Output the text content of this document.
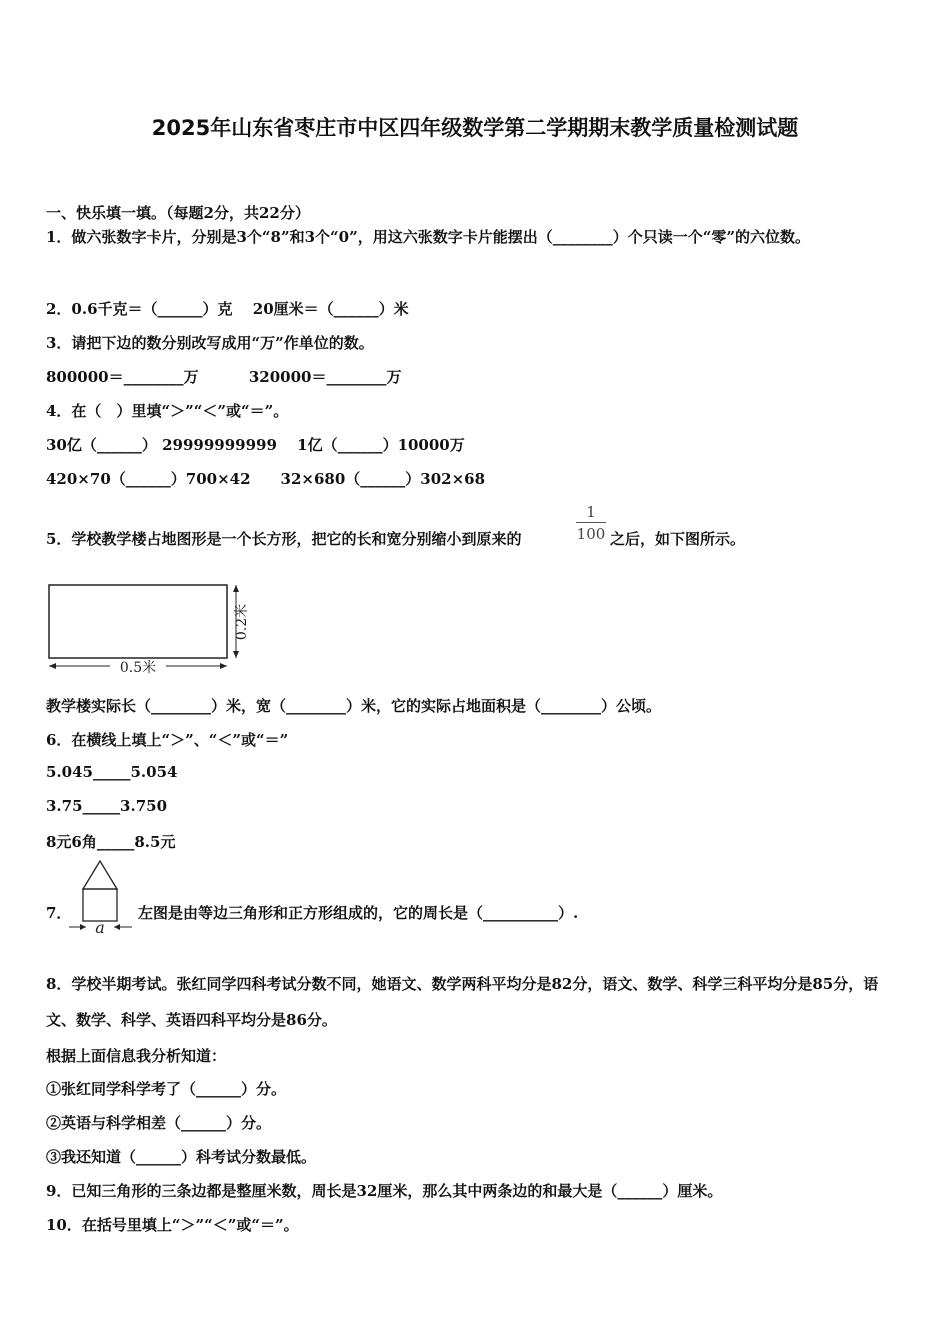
2025年山东省枣庄市中区四年级数学第二学期期末教学质量检测试题
一、快乐填一填。（每题2分，共22分）
1．做六张数字卡片，分别是3个“8”和3个“0”，用这六张数字卡片能摆出（________）个只读一个“零”的六位数。
2．0.6千克＝（______）克　 20厘米＝（______）米
3．请把下边的数分别改写成用“万”作单位的数。
800000＝________万　　　 320000＝________万
4．在（　）里填“＞”“＜”或“＝”。
30亿（______） 29999999999　 1亿（______）10000万
420×70（______）700×42　　32×680（______）302×68
5．学校教学楼占地图形是一个长方形，把它的长和宽分别缩小到原来的	$\frac{1}{100}$ 之后，如下图所示。
0.2米
0.5米
教学楼实际长（________）米，宽（________）米，它的实际占地面积是（________）公顷。
6．在横线上填上“＞”、“＜”或“＝”
5.045_____5.054
3.75_____3.750
8元6角_____8.5元
7．
a
左图是由等边三角形和正方形组成的，它的周长是（__________）.
8．学校半期考试。张红同学四科考试分数不同，她语文、数学两科平均分是82分，语文、数学、科学三科平均分是85分，语文、数学、科学、英语四科平均分是86分。
根据上面信息我分析知道：
①张红同学科学考了（______）分。
②英语与科学相差（______）分。
③我还知道（______）科考试分数最低。
9．已知三角形的三条边都是整厘米数，周长是32厘米，那么其中两条边的和最大是（______）厘米。
10．在括号里填上“＞”“＜”或“＝”。
